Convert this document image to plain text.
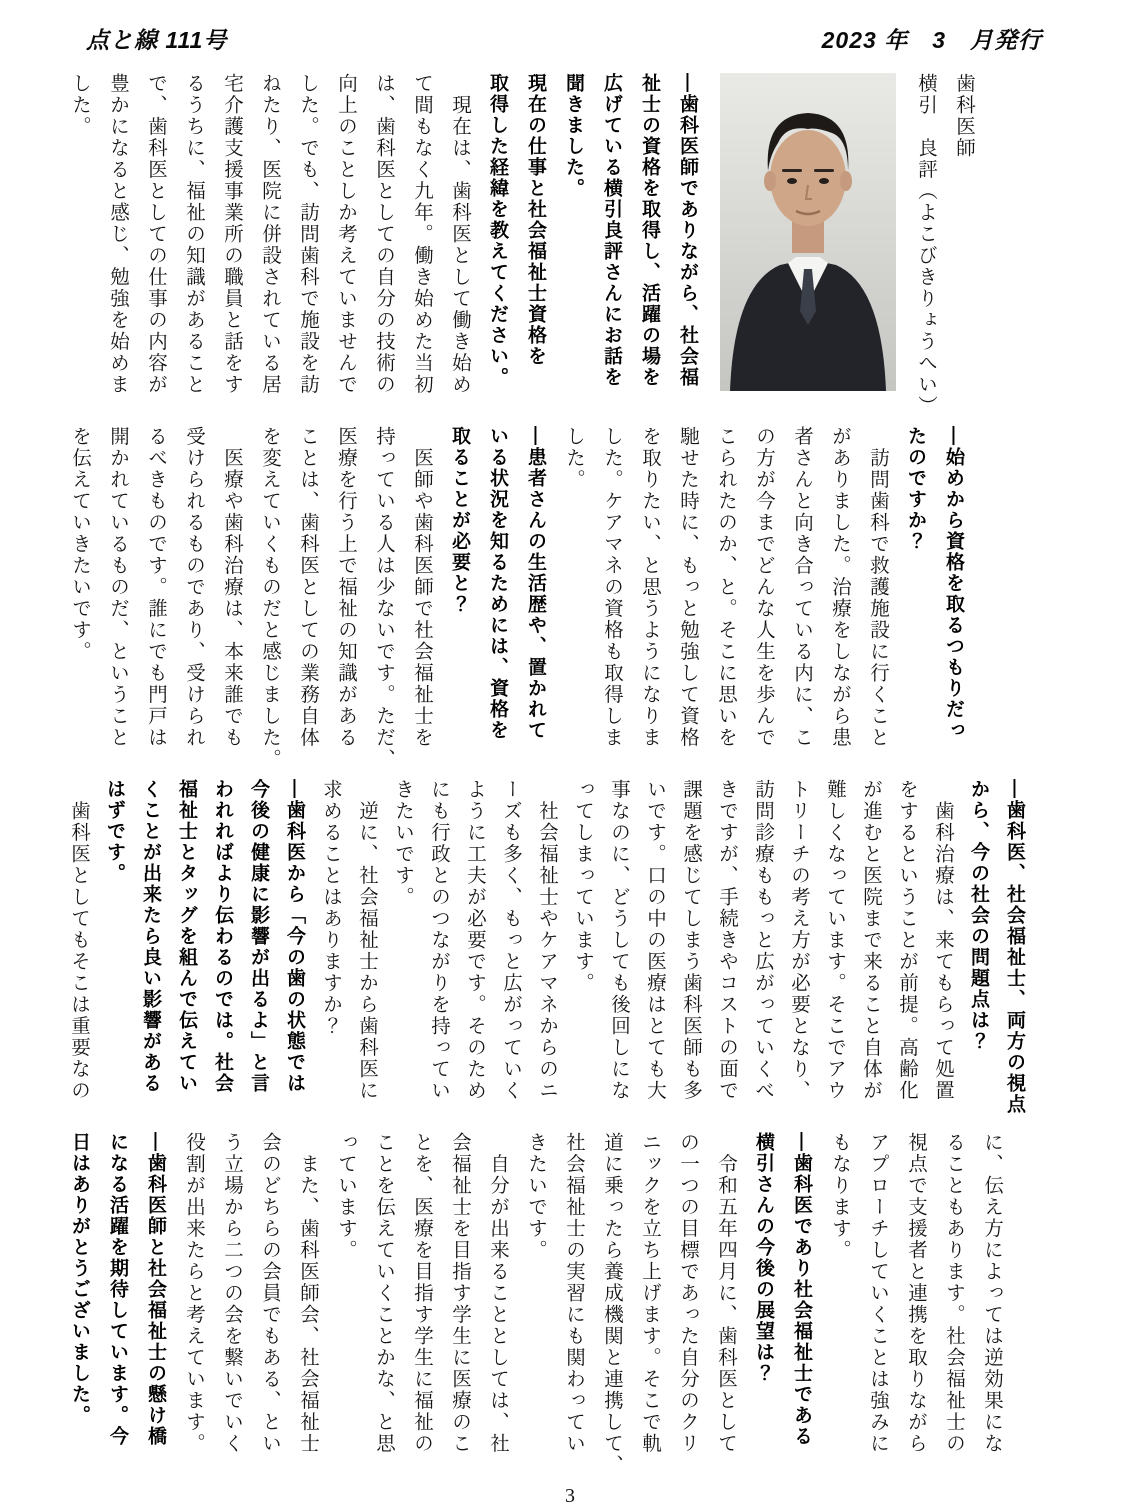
点と線 111号	2023 年　3　月発行

歯科医師

横引　良評（よこびきりょうへい）

―歯科医師でありながら、社会福

祉士の資格を取得し、活躍の場を

広げている横引良評さんにお話を

聞きました。

現在の仕事と社会福祉士資格を

取得した経緯を教えてください。

　現在は、歯科医として働き始め

て間もなく九年。働き始めた当初

は、歯科医としての自分の技術の

向上のことしか考えていませんで

した。でも、訪問歯科で施設を訪

ねたり、医院に併設されている居

宅介護支援事業所の職員と話をす

るうちに、福祉の知識があること

で、歯科医としての仕事の内容が

豊かになると感じ、勉強を始めま

した。

―始めから資格を取るつもりだっ

たのですか？

　訪問歯科で救護施設に行くこと

がありました。治療をしながら患

者さんと向き合っている内に、こ

の方が今までどんな人生を歩んで

こられたのか、と。そこに思いを

馳せた時に、もっと勉強して資格

を取りたい、と思うようになりま

した。ケアマネの資格も取得しま

した。

―患者さんの生活歴や、置かれて

いる状況を知るためには、資格を

取ることが必要と？

　医師や歯科医師で社会福祉士を

持っている人は少ないです。ただ、

医療を行う上で福祉の知識がある

ことは、歯科医としての業務自体

を変えていくものだと感じました。

　医療や歯科治療は、本来誰でも

受けられるものであり、受けられ

るべきものです。誰にでも門戸は

開かれているものだ、ということ

を伝えていきたいです。

―歯科医、社会福祉士、両方の視点

から、今の社会の問題点は？

　歯科治療は、来てもらって処置

をするということが前提。高齢化

が進むと医院まで来ること自体が

難しくなっています。そこでアウ

トリーチの考え方が必要となり、

訪問診療ももっと広がっていくべ

きですが、手続きやコストの面で

課題を感じてしまう歯科医師も多

いです。口の中の医療はとても大

事なのに、どうしても後回しにな

ってしまっています。

　社会福祉士やケアマネからのニ

ーズも多く、もっと広がっていく

ように工夫が必要です。そのため

にも行政とのつながりを持ってい

きたいです。

　逆に、社会福祉士から歯科医に

求めることはありますか？

―歯科医から「今の歯の状態では

今後の健康に影響が出るよ」と言

われればより伝わるのでは。社会

福祉士とタッグを組んで伝えてい

くことが出来たら良い影響がある

はずです。

　歯科医としてもそこは重要なの

に、伝え方によっては逆効果にな

ることもあります。社会福祉士の

視点で支援者と連携を取りながら

アプローチしていくことは強みに

もなります。

―歯科医であり社会福祉士である

横引さんの今後の展望は？

　令和五年四月に、歯科医として

の一つの目標であった自分のクリ

ニックを立ち上げます。そこで軌

道に乗ったら養成機関と連携して、

社会福祉士の実習にも関わってい

きたいです。

　自分が出来ることとしては、社

会福祉士を目指す学生に医療のこ

とを、医療を目指す学生に福祉の

ことを伝えていくことかな、と思

っています。

　また、歯科医師会、社会福祉士

会のどちらの会員でもある、とい

う立場から二つの会を繋いでいく

役割が出来たらと考えています。

―歯科医師と社会福祉士の懸け橋

になる活躍を期待しています。今

日はありがとうございました。

3
